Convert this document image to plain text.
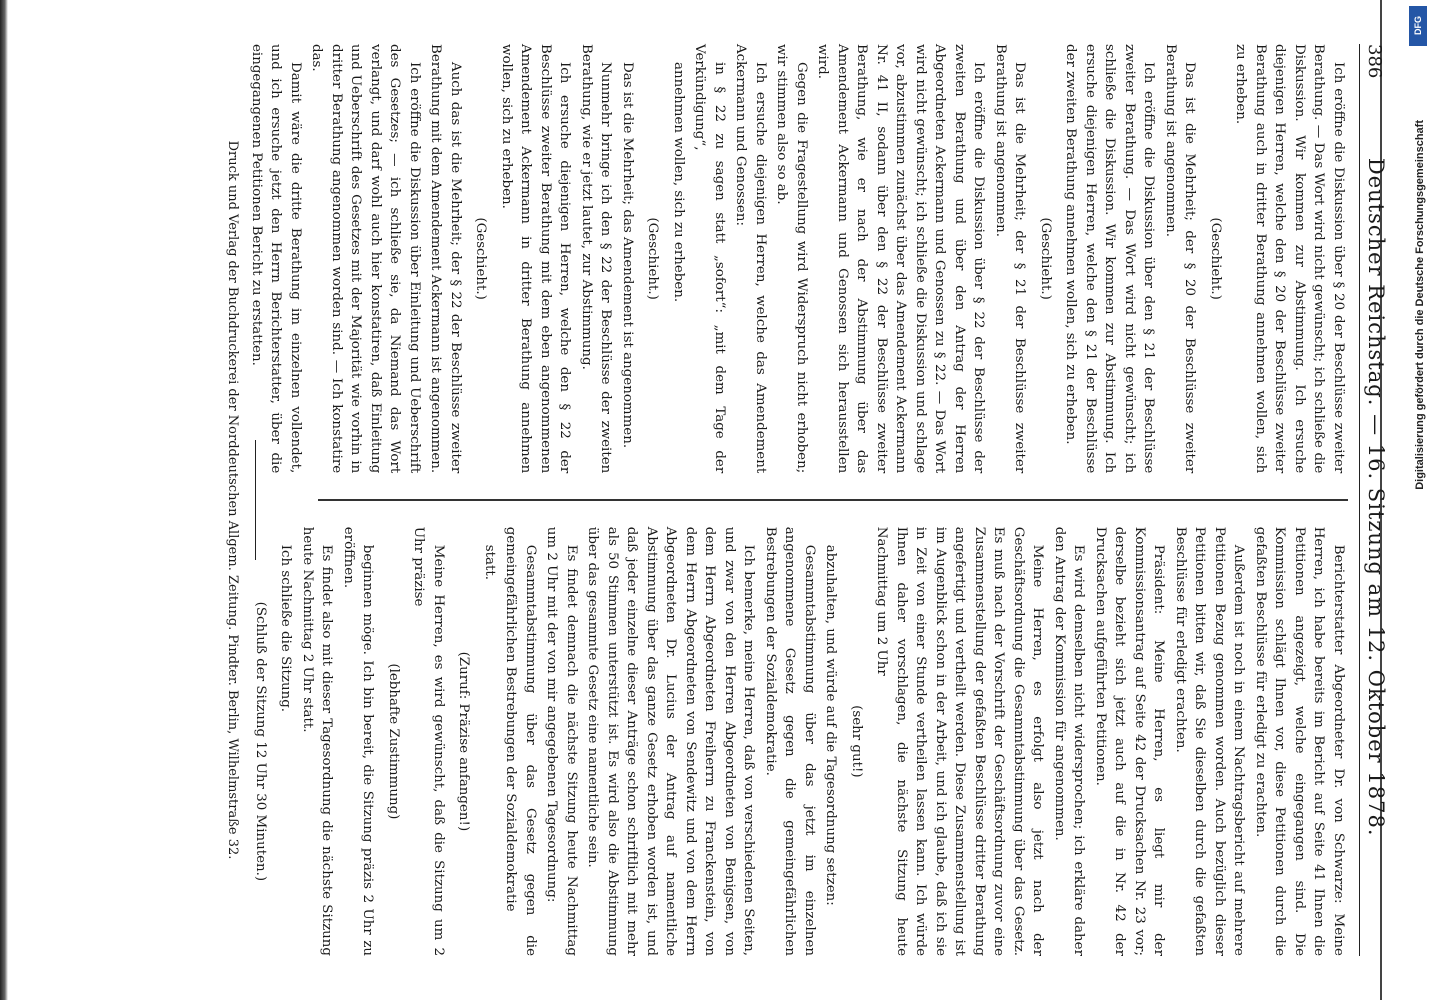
386
Deutscher Reichstag. — 16. Sitzung am 12. Oktober 1878.

Ich eröffne die Diskussion über § 20 der Beschlüsse zweiter Berathung. — Das Wort wird nicht gewünscht; ich schließe die Diskussion. Wir kommen zur Abstimmung. Ich ersuche diejenigen Herren, welche den § 20 der Beschlüsse zweiter Berathung auch in dritter Berathung annehmen wollen, sich zu erheben.

(Geschieht.)

Das ist die Mehrheit; der § 20 der Beschlüsse zweiter Berathung ist angenommen.

Ich eröffne die Diskussion über den § 21 der Beschlüsse zweiter Berathung. — Das Wort wird nicht gewünscht; ich schließe die Diskussion. Wir kommen zur Abstimmung. Ich ersuche diejenigen Herren, welche den § 21 der Beschlüsse der zweiten Berathung annehmen wollen, sich zu erheben.

(Geschieht.)

Das ist die Mehrheit; der § 21 der Beschlüsse zweiter Berathung ist angenommen.

Ich eröffne die Diskussion über § 22 der Beschlüsse der zweiten Berathung und über den Antrag der Herren Abgeordneten Ackermann und Genossen zu § 22. — Das Wort wird nicht gewünscht; ich schließe die Diskussion und schlage vor, abzustimmen zunächst über das Amendement Ackermann Nr. 41 II, sodann über den § 22 der Beschlüsse zweiter Berathung, wie er nach der Abstimmung über das Amendement Ackermann und Genossen sich herausstellen wird.

Gegen die Fragestellung wird Widerspruch nicht erhoben; wir stimmen also so ab.

Ich ersuche diejenigen Herren, welche das Amendement Ackermann und Genossen:

in § 22 zu sagen statt „sofort“: „mit dem Tage der Verkündigung“,

annehmen wollen, sich zu erheben.

(Geschieht.)

Das ist die Mehrheit; das Amendement ist angenommen.

Nunmehr bringe ich den § 22 der Beschlüsse der zweiten Berathung, wie er jetzt lautet, zur Abstimmung.

Ich ersuche diejenigen Herren, welche den § 22 der Beschlüsse zweiter Berathung mit dem eben angenommenen Amendement Ackermann in dritter Berathung annehmen wollen, sich zu erheben.

(Geschieht.)

Auch das ist die Mehrheit; der § 22 der Beschlüsse zweiter Berathung mit dem Amendement Ackermann ist angenommen.

Ich eröffne die Diskussion über Einleitung und Ueberschrift des Gesetzes; — ich schließe sie, da Niemand das Wort verlangt, und darf wohl auch hier konstatiren, daß Einleitung und Ueberschrift des Gesetzes mit der Majorität wie vorhin in dritter Berathung angenommen worden sind. — Ich konstatire das.

Damit wäre die dritte Berathung im einzelnen vollendet, und ich ersuche jetzt den Herrn Berichterstatter, über die eingegangenen Petitionen Bericht zu erstatten.

Berichterstatter Abgeordneter Dr. von Schwarze: Meine Herren, ich habe bereits im Bericht auf Seite 41 Ihnen die Petitionen angezeigt, welche eingegangen sind. Die Kommission schlägt Ihnen vor, diese Petitionen durch die gefaßten Beschlüsse für erledigt zu erachten.

Außerdem ist noch in einem Nachtragsbericht auf mehrere Petitionen Bezug genommen worden. Auch bezüglich dieser Petitionen bitten wir, daß Sie dieselben durch die gefaßten Beschlüsse für erledigt erachten.

Präsident: Meine Herren, es liegt mir der Kommissionsantrag auf Seite 42 der Drucksachen Nr. 23 vor; derselbe bezieht sich jetzt auch auf die in Nr. 42 der Drucksachen aufgeführten Petitionen.

Es wird demselben nicht widersprochen; ich erkläre daher den Antrag der Kommission für angenommen.

Meine Herren, es erfolgt also jetzt nach der Geschäftsordnung die Gesammtabstimmung über das Gesetz. Es muß nach der Vorschrift der Geschäftsordnung zuvor eine Zusammenstellung der gefaßten Beschlüsse dritter Berathung angefertigt und vertheilt werden. Diese Zusammenstellung ist im Augenblick schon in der Arbeit, und ich glaube, daß ich sie in Zeit von einer Stunde vertheilen lassen kann. Ich würde Ihnen daher vorschlagen, die nächste Sitzung heute Nachmittag um 2 Uhr

(sehr gut!)

abzuhalten, und würde auf die Tagesordnung setzen:

Gesammtabstimmung über das jetzt im einzelnen angenommene Gesetz gegen die gemeingefährlichen Bestrebungen der Sozialdemokratie.

Ich bemerke, meine Herren, daß von verschiedenen Seiten, und zwar von den Herren Abgeordneten von Benigsen, von dem Herrn Abgeordneten Freiherrn zu Franckenstein, von dem Herrn Abgeordneten von Sendewitz und von dem Herrn Abgeordneten Dr. Lucius der Antrag auf namentliche Abstimmung über das ganze Gesetz erhoben worden ist, und daß jeder einzelne dieser Anträge schon schriftlich mit mehr als 50 Stimmen unterstützt ist. Es wird also die Abstimmung über das gesammte Gesetz eine namentliche sein.

Es findet demnach die nächste Sitzung heute Nachmittag um 2 Uhr mit der von mir angegebenen Tagesordnung:

Gesammtabstimmung über das Gesetz gegen die gemeingefährlichen Bestrebungen der Sozialdemokratie

statt.

(Zuruf: Präzise anfangen!)

Meine Herren, es wird gewünscht, daß die Sitzung um 2 Uhr präzise

(lebhafte Zustimmung)

beginnen möge. Ich bin bereit, die Sitzung präzis 2 Uhr zu eröffnen.

Es findet also mit dieser Tagesordnung die nächste Sitzung heute Nachmittag 2 Uhr statt.

Ich schließe die Sitzung.

(Schluß der Sitzung 12 Uhr 30 Minuten.)

Druck und Verlag der Buchdruckerei der Norddeutschen Allgem. Zeitung. Pindter. Berlin, Wilhelmstraße 32.
DFG
Digitalisierung gefördert durch die Deutsche Forschungsgemeinschaft
